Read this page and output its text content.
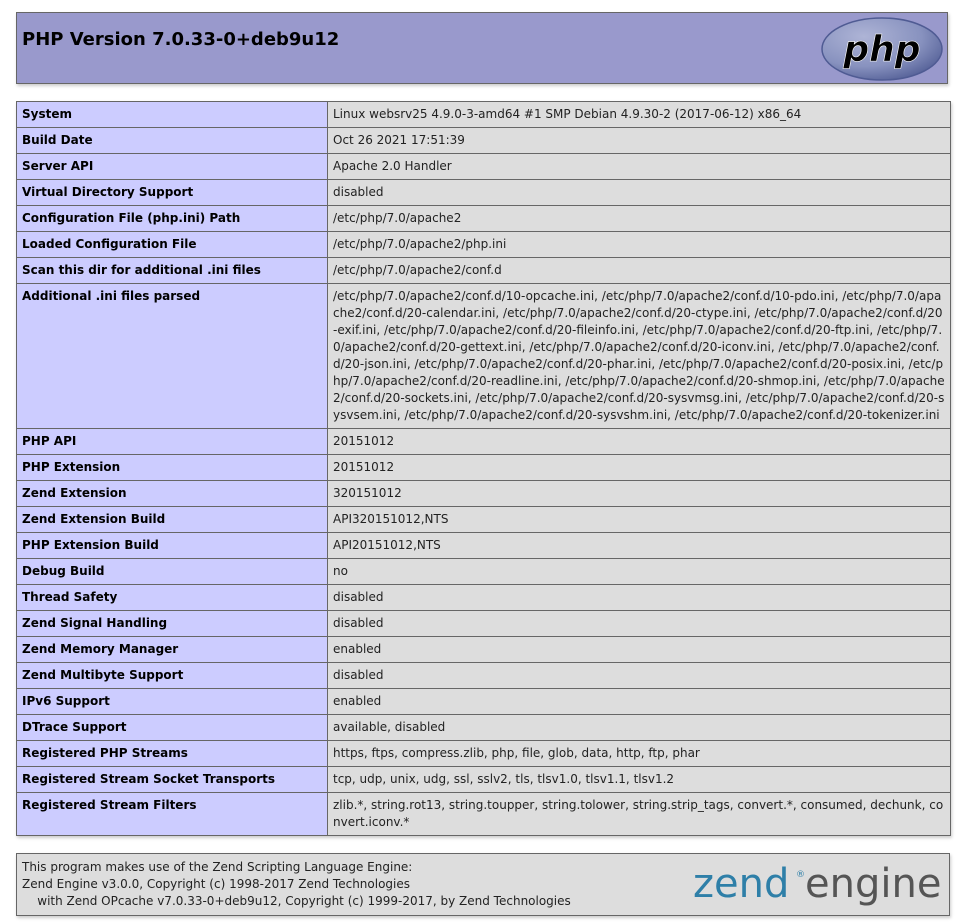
PHP Version 7.0.33-0+deb9u12	php
System	Linux websrv25 4.9.0-3-amd64 #1 SMP Debian 4.9.30-2 (2017-06-12) x86_64
Build Date	Oct 26 2021 17:51:39
Server API	Apache 2.0 Handler
Virtual Directory Support	disabled
Configuration File (php.ini) Path	/etc/php/7.0/apache2
Loaded Configuration File	/etc/php/7.0/apache2/php.ini
Scan this dir for additional .ini files	/etc/php/7.0/apache2/conf.d
Additional .ini files parsed	/etc/php/7.0/apache2/conf.d/10-opcache.ini, /etc/php/7.0/apache2/conf.d/10-pdo.ini, /etc/php/7.0/apache2/conf.d/20-calendar.ini, /etc/php/7.0/apache2/conf.d/20-ctype.ini, /etc/php/7.0/apache2/conf.d/20-exif.ini, /etc/php/7.0/apache2/conf.d/20-fileinfo.ini, /etc/php/7.0/apache2/conf.d/20-ftp.ini, /etc/php/7.0/apache2/conf.d/20-gettext.ini, /etc/php/7.0/apache2/conf.d/20-iconv.ini, /etc/php/7.0/apache2/conf.d/20-json.ini, /etc/php/7.0/apache2/conf.d/20-phar.ini, /etc/php/7.0/apache2/conf.d/20-posix.ini, /etc/php/7.0/apache2/conf.d/20-readline.ini, /etc/php/7.0/apache2/conf.d/20-shmop.ini, /etc/php/7.0/apache2/conf.d/20-sockets.ini, /etc/php/7.0/apache2/conf.d/20-sysvmsg.ini, /etc/php/7.0/apache2/conf.d/20-sysvsem.ini, /etc/php/7.0/apache2/conf.d/20-sysvshm.ini, /etc/php/7.0/apache2/conf.d/20-tokenizer.ini
PHP API	20151012
PHP Extension	20151012
Zend Extension	320151012
Zend Extension Build	API320151012,NTS
PHP Extension Build	API20151012,NTS
Debug Build	no
Thread Safety	disabled
Zend Signal Handling	disabled
Zend Memory Manager	enabled
Zend Multibyte Support	disabled
IPv6 Support	enabled
DTrace Support	available, disabled
Registered PHP Streams	https, ftps, compress.zlib, php, file, glob, data, http, ftp, phar
Registered Stream Socket Transports	tcp, udp, unix, udg, ssl, sslv2, tls, tlsv1.0, tlsv1.1, tlsv1.2
Registered Stream Filters	zlib.*, string.rot13, string.toupper, string.tolower, string.strip_tags, convert.*, consumed, dechunk, convert.iconv.*
This program makes use of the Zend Scripting Language Engine:
Zend Engine v3.0.0, Copyright (c) 1998-2017 Zend Technologies
with Zend OPcache v7.0.33-0+deb9u12, Copyright (c) 1999-2017, by Zend Technologies	zend ® engine
